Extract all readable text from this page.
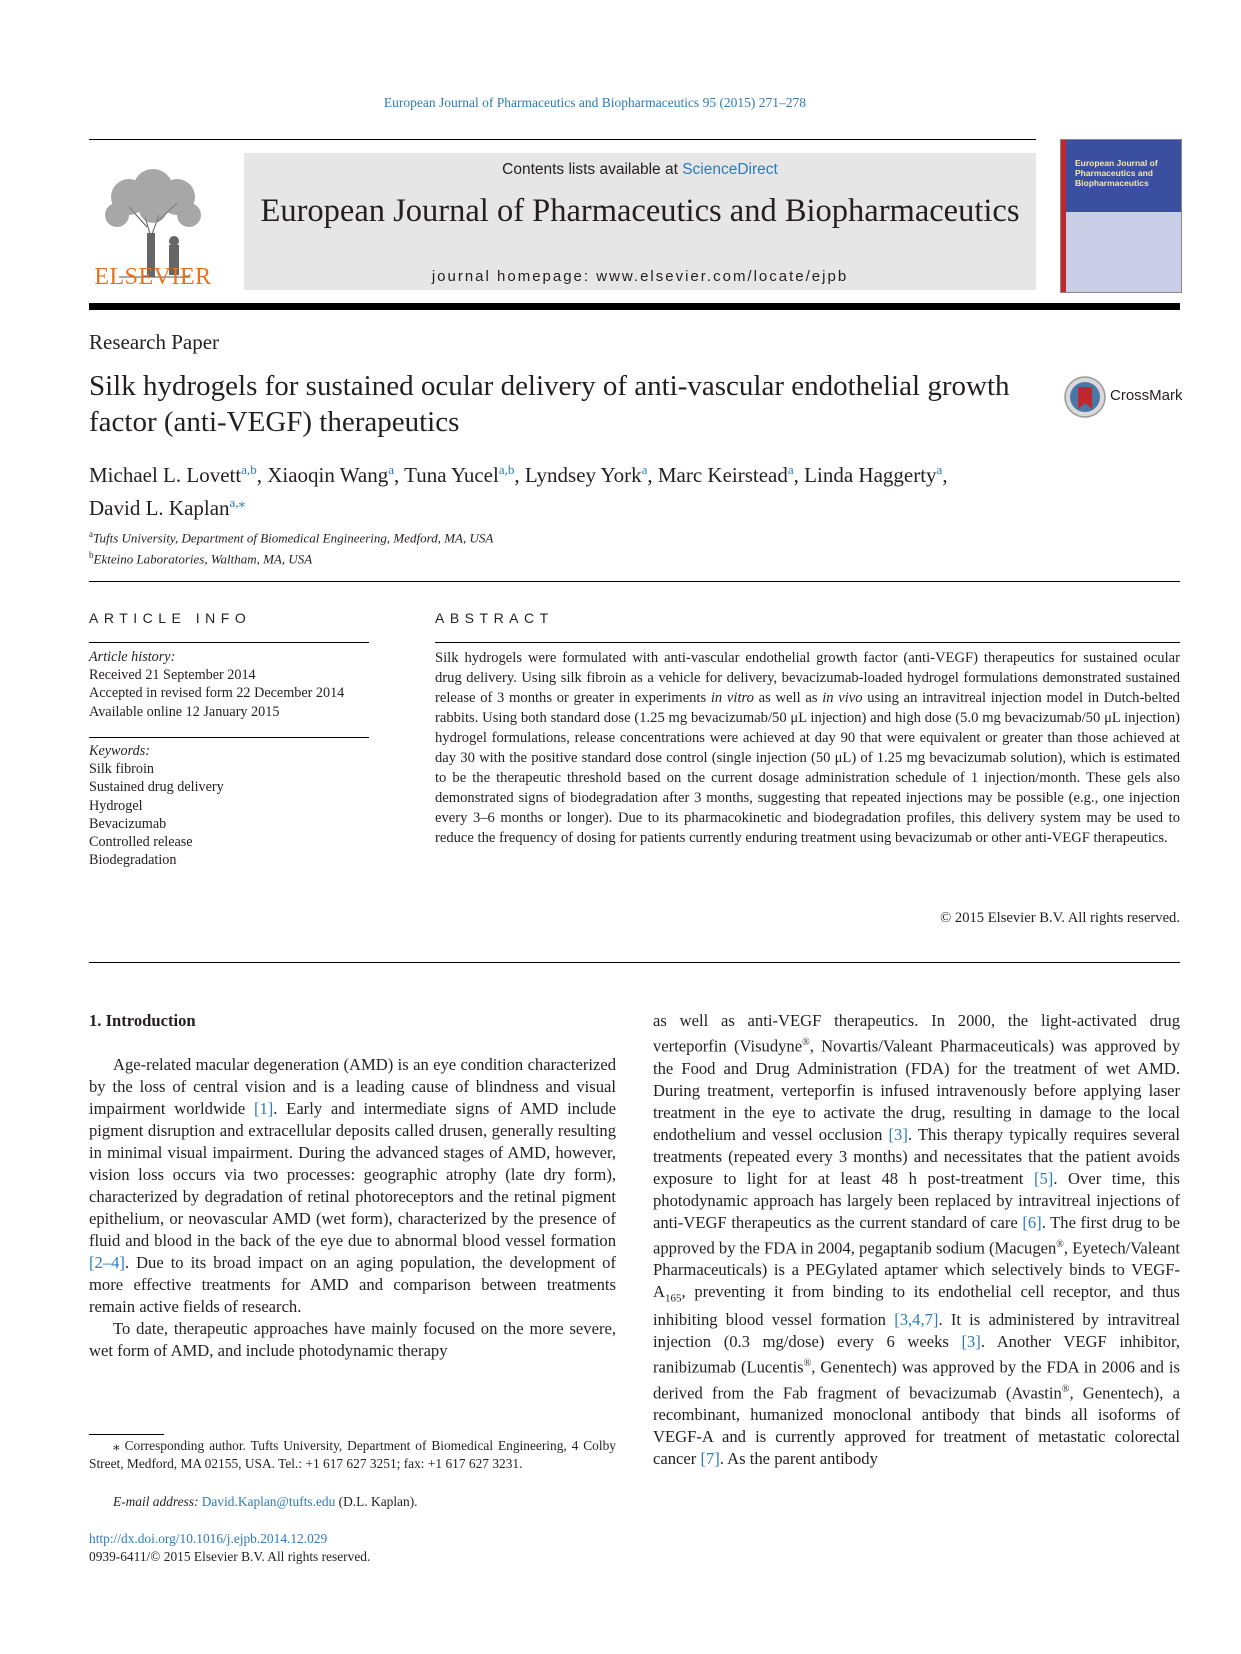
European Journal of Pharmaceutics and Biopharmaceutics 95 (2015) 271–278
ELSEVIER
Contents lists available at ScienceDirect
European Journal of Pharmaceutics and Biopharmaceutics
journal homepage: www.elsevier.com/locate/ejpb
European Journal of Pharmaceutics and Biopharmaceutics
Research Paper
Silk hydrogels for sustained ocular delivery of anti-vascular endothelial growth factor (anti-VEGF) therapeutics
CrossMark
Michael L. Lovett$^{a,b}$, Xiaoqin Wang$^a$, Tuna Yucel$^{a,b}$, Lyndsey York$^a$, Marc Keirstead$^a$, Linda Haggerty$^a$,
David L. Kaplan$^{a,⁎}$
$^a$Tufts University, Department of Biomedical Engineering, Medford, MA, USA
$^b$Ekteino Laboratories, Waltham, MA, USA
ARTICLE INFO
Article history:
Received 21 September 2014
Accepted in revised form 22 December 2014
Available online 12 January 2015
Keywords:
Silk fibroin
Sustained drug delivery
Hydrogel
Bevacizumab
Controlled release
Biodegradation
ABSTRACT
Silk hydrogels were formulated with anti-vascular endothelial growth factor (anti-VEGF) therapeutics for sustained ocular drug delivery. Using silk fibroin as a vehicle for delivery, bevacizumab-loaded hydrogel formulations demonstrated sustained release of 3 months or greater in experiments in vitro as well as in vivo using an intravitreal injection model in Dutch-belted rabbits. Using both standard dose (1.25 mg bevacizumab/50 μL injection) and high dose (5.0 mg bevacizumab/50 μL injection) hydrogel formulations, release concentrations were achieved at day 90 that were equivalent or greater than those achieved at day 30 with the positive standard dose control (single injection (50 μL) of 1.25 mg bevacizumab solution), which is estimated to be the therapeutic threshold based on the current dosage administration schedule of 1 injection/month. These gels also demonstrated signs of biodegradation after 3 months, suggesting that repeated injections may be possible (e.g., one injection every 3–6 months or longer). Due to its pharmacokinetic and biodegradation profiles, this delivery system may be used to reduce the frequency of dosing for patients currently enduring treatment using bevacizumab or other anti-VEGF therapeutics.
© 2015 Elsevier B.V. All rights reserved.
1. Introduction

Age-related macular degeneration (AMD) is an eye condition characterized by the loss of central vision and is a leading cause of blindness and visual impairment worldwide [1]. Early and intermediate signs of AMD include pigment disruption and extracellular deposits called drusen, generally resulting in minimal visual impairment. During the advanced stages of AMD, however, vision loss occurs via two processes: geographic atrophy (late dry form), characterized by degradation of retinal photoreceptors and the retinal pigment epithelium, or neovascular AMD (wet form), characterized by the presence of fluid and blood in the back of the eye due to abnormal blood vessel formation [2–4]. Due to its broad impact on an aging population, the development of more effective treatments for AMD and comparison between treatments remain active fields of research.

To date, therapeutic approaches have mainly focused on the more severe, wet form of AMD, and include photodynamic therapy

as well as anti-VEGF therapeutics. In 2000, the light-activated drug verteporfin (Visudyne®, Novartis/Valeant Pharmaceuticals) was approved by the Food and Drug Administration (FDA) for the treatment of wet AMD. During treatment, verteporfin is infused intravenously before applying laser treatment in the eye to activate the drug, resulting in damage to the local endothelium and vessel occlusion [3]. This therapy typically requires several treatments (repeated every 3 months) and necessitates that the patient avoids exposure to light for at least 48 h post-treatment [5]. Over time, this photodynamic approach has largely been replaced by intravitreal injections of anti-VEGF therapeutics as the current standard of care [6]. The first drug to be approved by the FDA in 2004, pegaptanib sodium (Macugen®, Eyetech/Valeant Pharmaceuticals) is a PEGylated aptamer which selectively binds to VEGF-$A_{165}$, preventing it from binding to its endothelial cell receptor, and thus inhibiting blood vessel formation [3,4,7]. It is administered by intravitreal injection (0.3 mg/dose) every 6 weeks [3]. Another VEGF inhibitor, ranibizumab (Lucentis®, Genentech) was approved by the FDA in 2006 and is derived from the Fab fragment of bevacizumab (Avastin®, Genentech), a recombinant, humanized monoclonal antibody that binds all isoforms of VEGF-A and is currently approved for treatment of metastatic colorectal cancer [7]. As the parent antibody

⁎ Corresponding author. Tufts University, Department of Biomedical Engineering, 4 Colby Street, Medford, MA 02155, USA. Tel.: +1 617 627 3251; fax: +1 617 627 3231.
E-mail address: David.Kaplan@tufts.edu (D.L. Kaplan).
http://dx.doi.org/10.1016/j.ejpb.2014.12.029
0939-6411/© 2015 Elsevier B.V. All rights reserved.
